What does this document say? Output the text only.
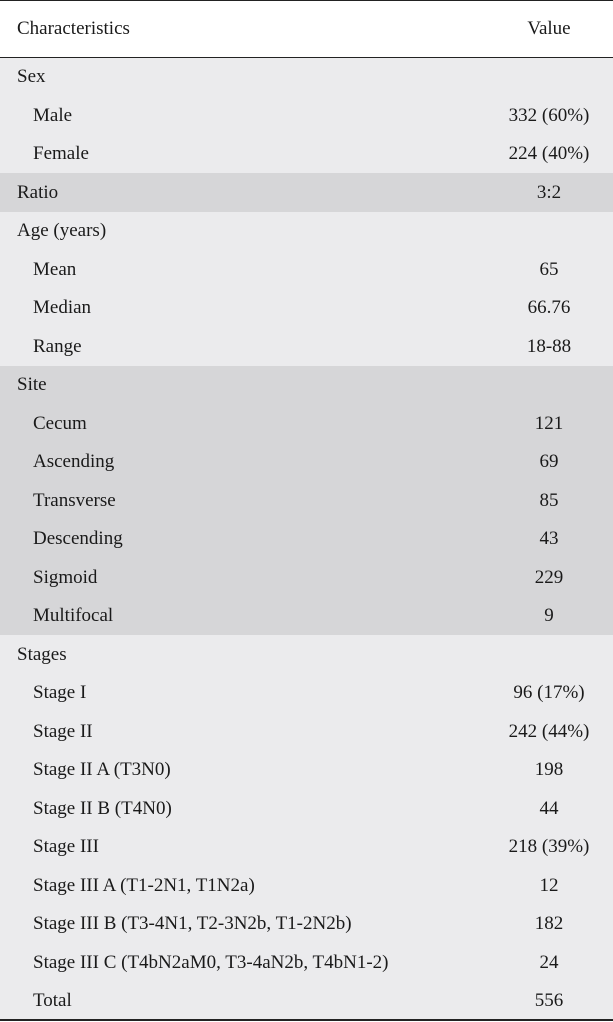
Characteristics	Value
Sex
Male	332 (60%)
Female	224 (40%)
Ratio	3:2
Age (years)
Mean	65
Median	66.76
Range	18-88
Site
Cecum	121
Ascending	69
Transverse	85
Descending	43
Sigmoid	229
Multifocal	9
Stages
Stage I	96 (17%)
Stage II	242 (44%)
Stage II A (T3N0)	198
Stage II B (T4N0)	44
Stage III	218 (39%)
Stage III A (T1-2N1, T1N2a)	12
Stage III B (T3-4N1, T2-3N2b, T1-2N2b)	182
Stage III C (T4bN2aM0, T3-4aN2b, T4bN1-2)	24
Total	556
